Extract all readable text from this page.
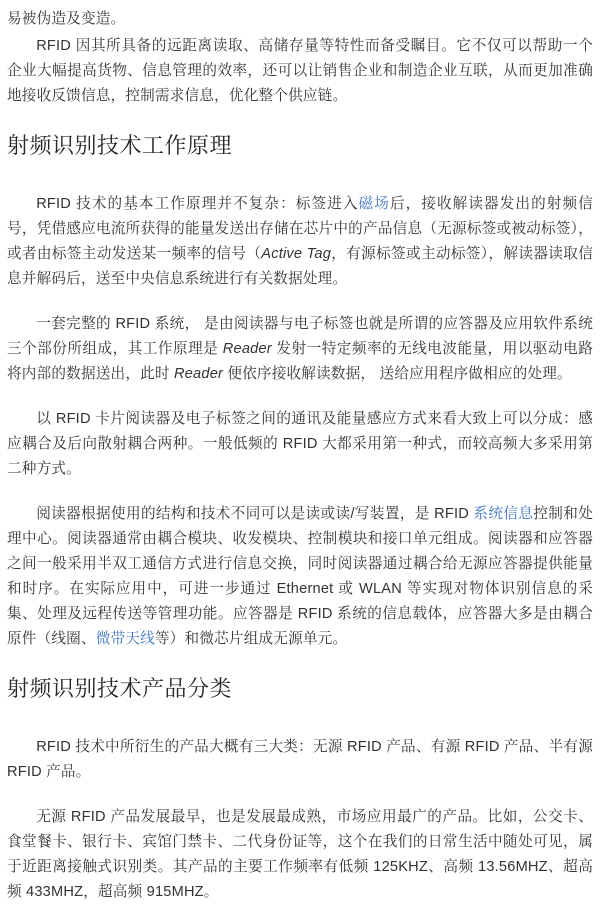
易被伪造及变造。

RFID 因其所具备的远距离读取、高储存量等特性而备受瞩目。它不仅可以帮助一个企业大幅提高货物、信息管理的效率，还可以让销售企业和制造企业互联，从而更加准确地接收反馈信息，控制需求信息，优化整个供应链。

射频识别技术工作原理

RFID 技术的基本工作原理并不复杂：标签进入磁场后，接收解读器发出的射频信号，凭借感应电流所获得的能量发送出存储在芯片中的产品信息（无源标签或被动标签），或者由标签主动发送某一频率的信号（Active Tag，有源标签或主动标签），解读器读取信息并解码后，送至中央信息系统进行有关数据处理。

一套完整的 RFID 系统， 是由阅读器与电子标签也就是所谓的应答器及应用软件系统三个部份所组成，其工作原理是 Reader 发射一特定频率的无线电波能量，用以驱动电路将内部的数据送出，此时 Reader 便依序接收解读数据， 送给应用程序做相应的处理。

以 RFID 卡片阅读器及电子标签之间的通讯及能量感应方式来看大致上可以分成：感应耦合及后向散射耦合两种。一般低频的 RFID 大都采用第一种式，而较高频大多采用第二种方式。

阅读器根据使用的结构和技术不同可以是读或读/写装置，是 RFID 系统信息控制和处理中心。阅读器通常由耦合模块、收发模块、控制模块和接口单元组成。阅读器和应答器之间一般采用半双工通信方式进行信息交换，同时阅读器通过耦合给无源应答器提供能量和时序。在实际应用中，可进一步通过 Ethernet 或 WLAN 等实现对物体识别信息的采集、处理及远程传送等管理功能。应答器是 RFID 系统的信息载体，应答器大多是由耦合原件（线圈、微带天线等）和微芯片组成无源单元。

射频识别技术产品分类

RFID 技术中所衍生的产品大概有三大类：无源 RFID 产品、有源 RFID 产品、半有源 RFID 产品。

无源 RFID 产品发展最早，也是发展最成熟，市场应用最广的产品。比如，公交卡、食堂餐卡、银行卡、宾馆门禁卡、二代身份证等，这个在我们的日常生活中随处可见，属于近距离接触式识别类。其产品的主要工作频率有低频 125KHZ、高频 13.56MHZ、超高频 433MHZ，超高频 915MHZ。
